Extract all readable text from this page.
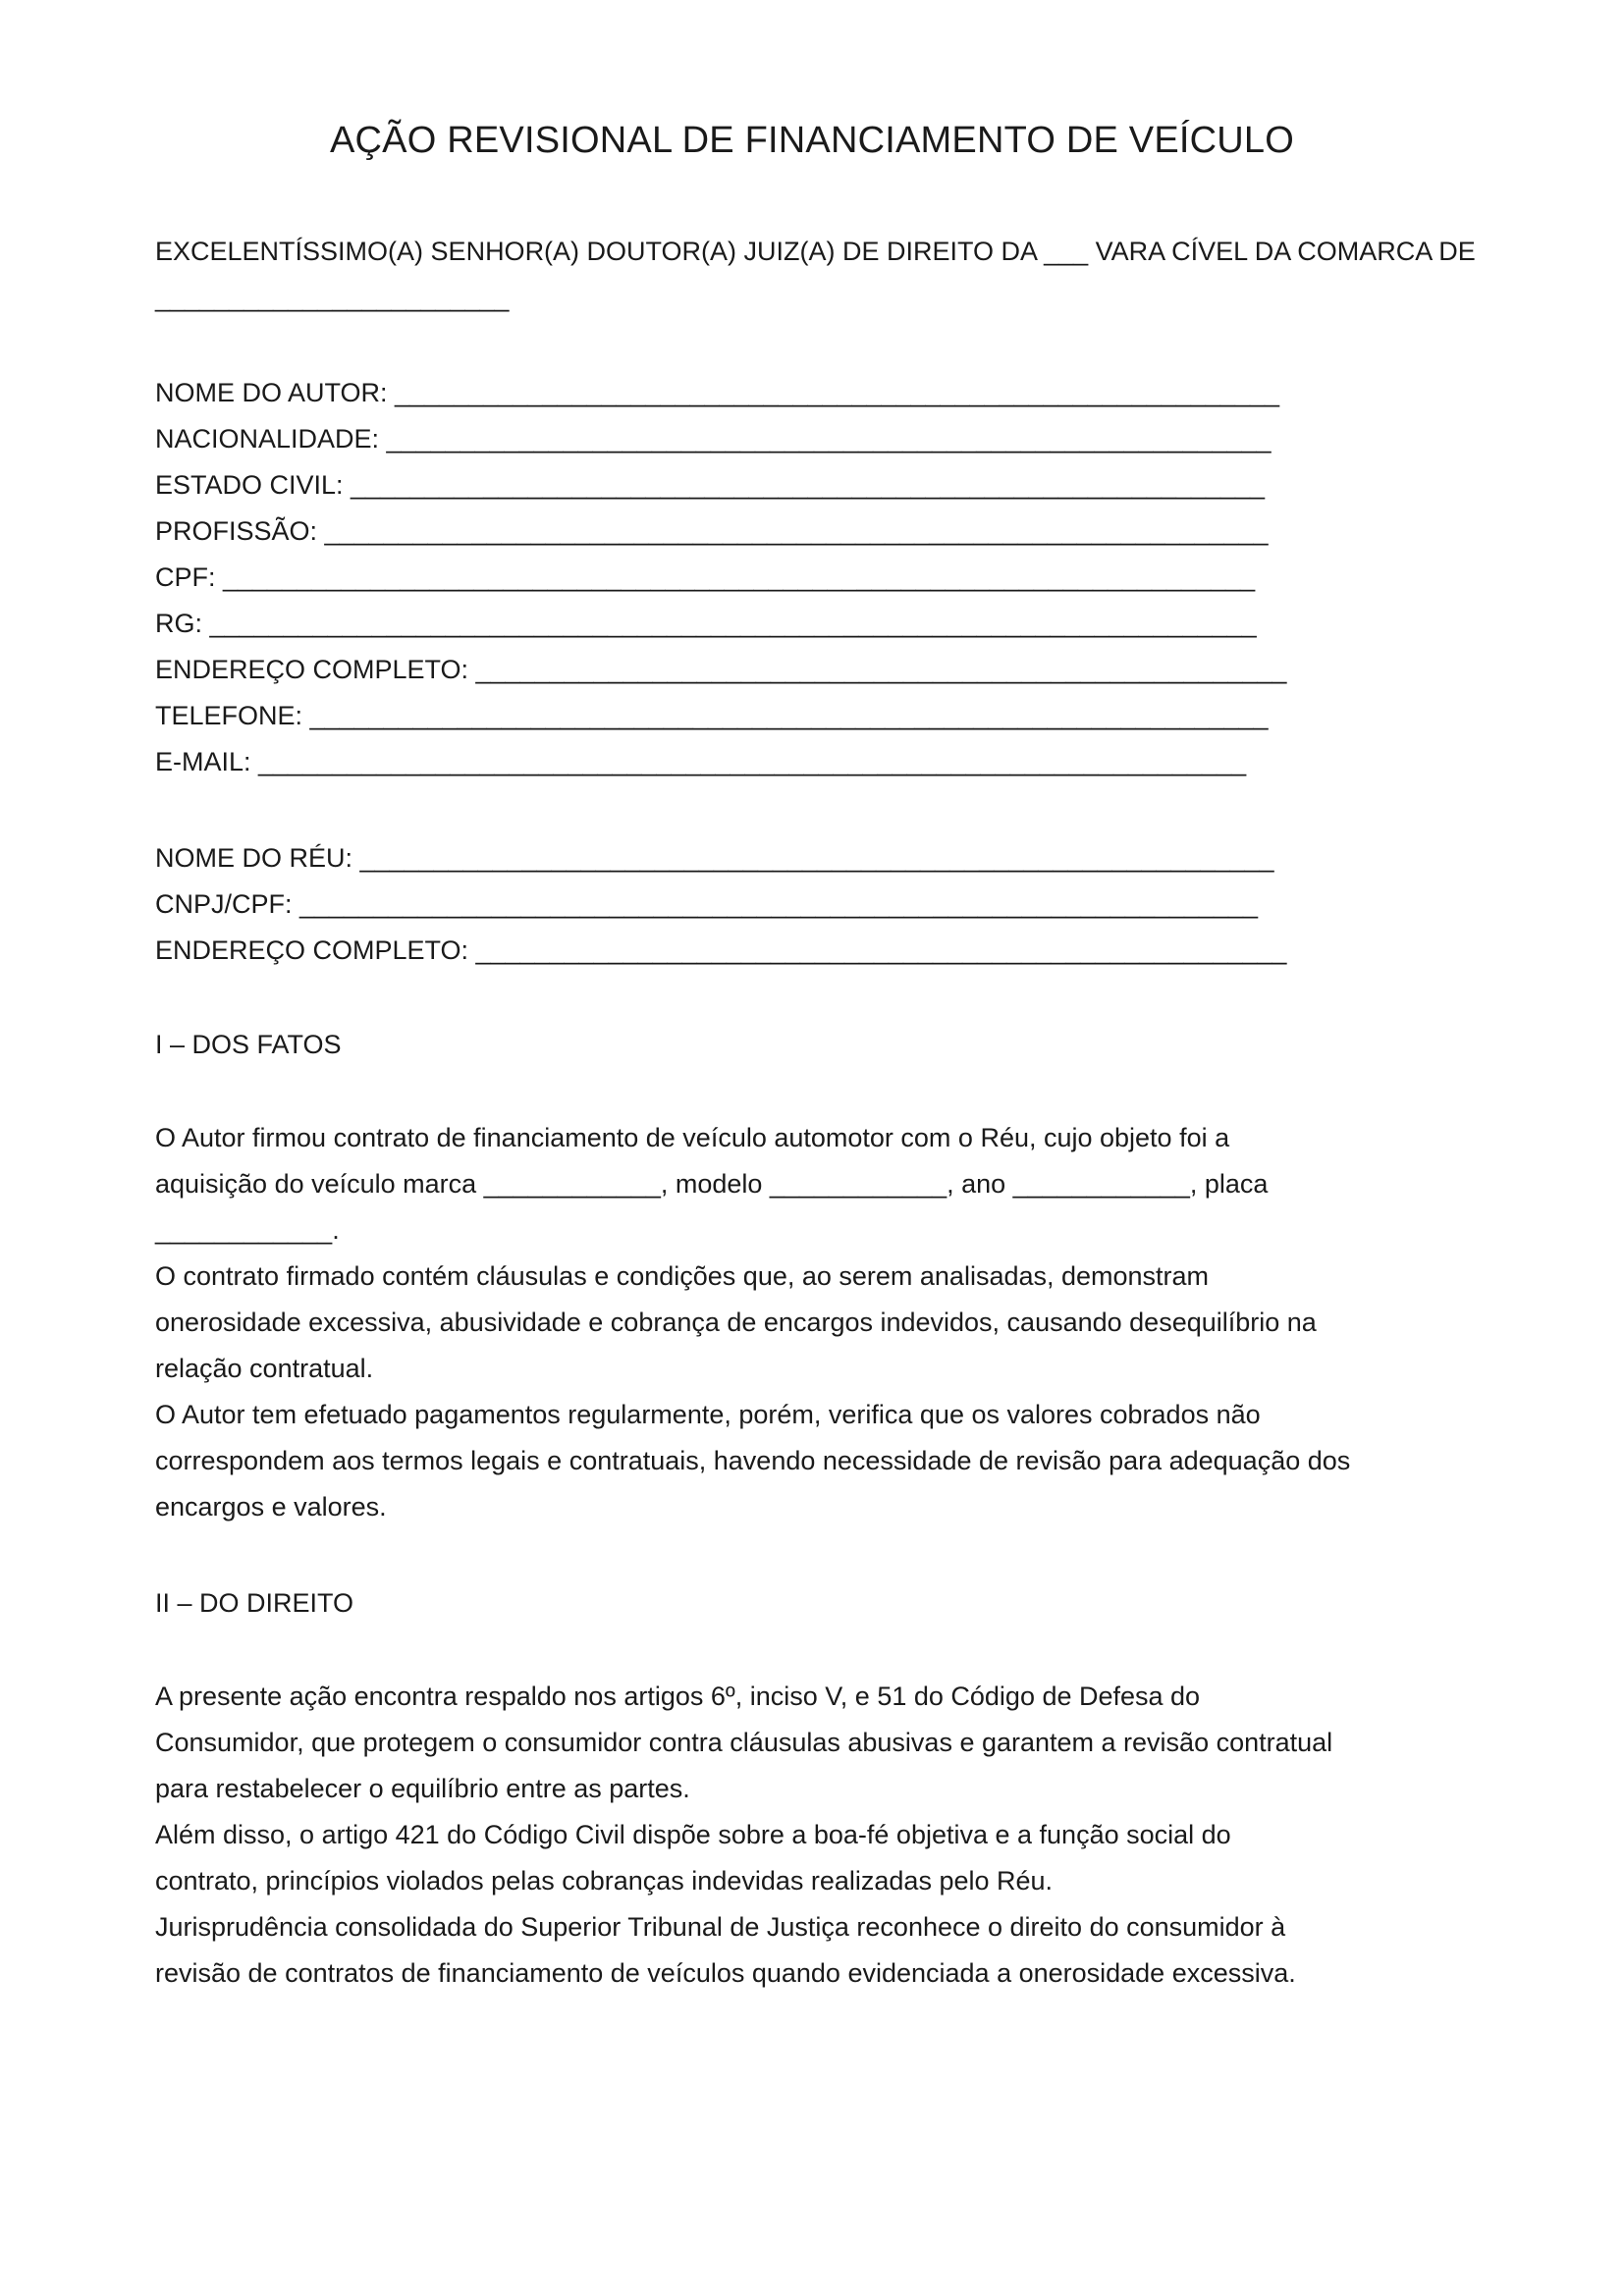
AÇÃO REVISIONAL DE FINANCIAMENTO DE VEÍCULO

EXCELENTÍSSIMO(A) SENHOR(A) DOUTOR(A) JUIZ(A) DE DIREITO DA ___ VARA CÍVEL DA COMARCA DE

________________________

NOME DO AUTOR: ____________________________________________________________

NACIONALIDADE: ____________________________________________________________

ESTADO CIVIL: ______________________________________________________________

PROFISSÃO: ________________________________________________________________

CPF: ______________________________________________________________________

RG: _______________________________________________________________________

ENDEREÇO COMPLETO: _______________________________________________________

TELEFONE: _________________________________________________________________

E-MAIL: ___________________________________________________________________

NOME DO RÉU: ______________________________________________________________

CNPJ/CPF: _________________________________________________________________

ENDEREÇO COMPLETO: _______________________________________________________

I – DOS FATOS

O Autor firmou contrato de financiamento de veículo automotor com o Réu, cujo objeto foi a

aquisição do veículo marca ____________, modelo ____________, ano ____________, placa

____________.

O contrato firmado contém cláusulas e condições que, ao serem analisadas, demonstram

onerosidade excessiva, abusividade e cobrança de encargos indevidos, causando desequilíbrio na

relação contratual.

O Autor tem efetuado pagamentos regularmente, porém, verifica que os valores cobrados não

correspondem aos termos legais e contratuais, havendo necessidade de revisão para adequação dos

encargos e valores.

II – DO DIREITO

A presente ação encontra respaldo nos artigos 6º, inciso V, e 51 do Código de Defesa do

Consumidor, que protegem o consumidor contra cláusulas abusivas e garantem a revisão contratual

para restabelecer o equilíbrio entre as partes.

Além disso, o artigo 421 do Código Civil dispõe sobre a boa-fé objetiva e a função social do

contrato, princípios violados pelas cobranças indevidas realizadas pelo Réu.

Jurisprudência consolidada do Superior Tribunal de Justiça reconhece o direito do consumidor à

revisão de contratos de financiamento de veículos quando evidenciada a onerosidade excessiva.
